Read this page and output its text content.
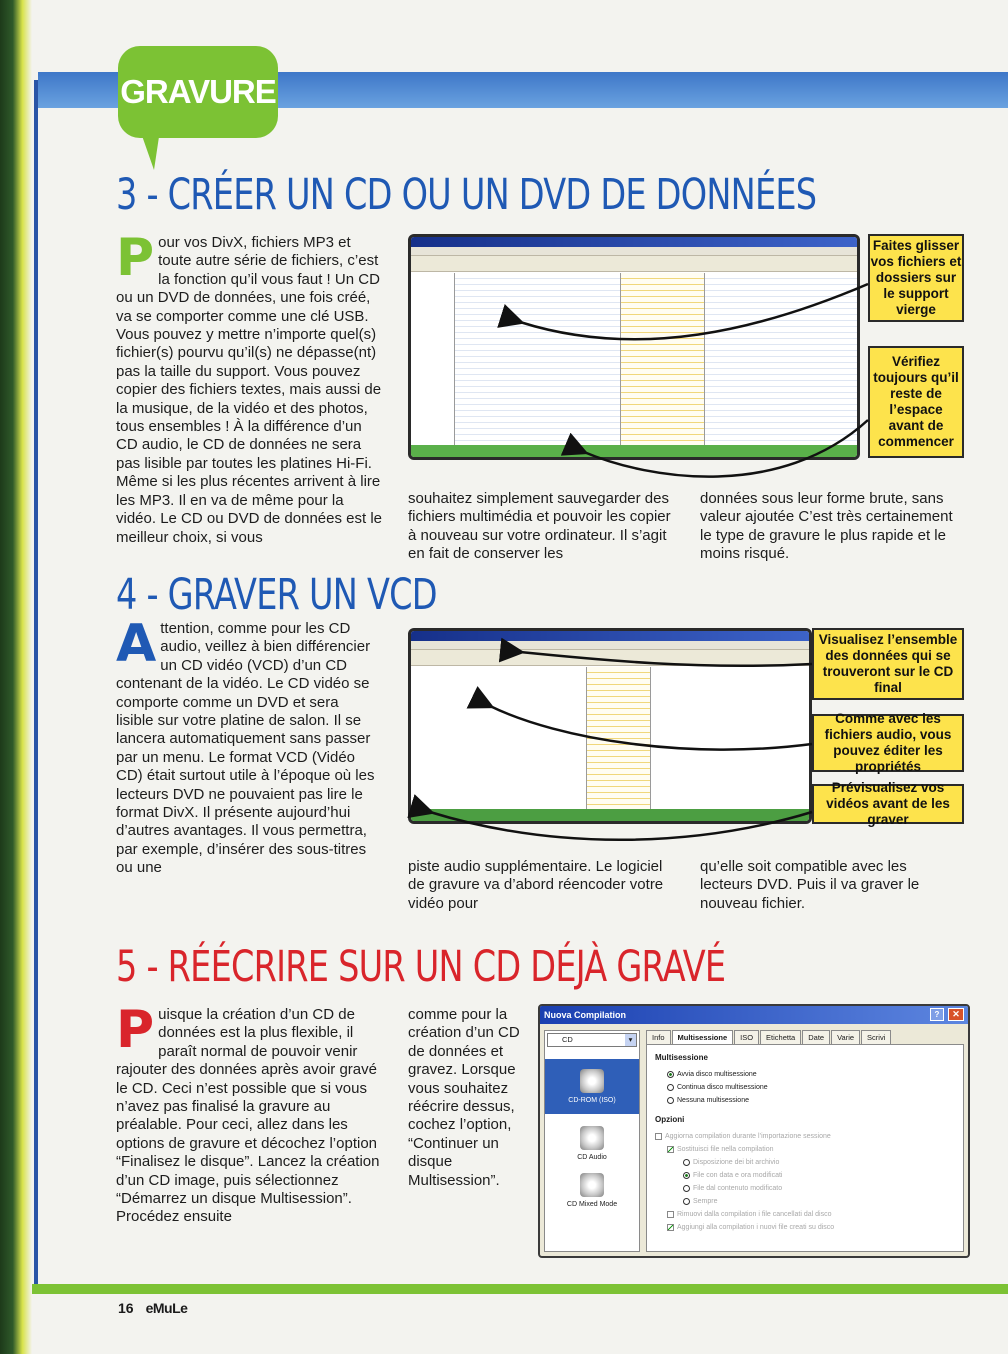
GRAVURE
3 - CRÉER UN CD OU UN DVD DE DONNÉES
Pour vos DivX, fichiers MP3 et toute autre série de fichiers, c’est la fonction qu’il vous faut ! Un CD ou un DVD de données, une fois créé, va se comporter comme une clé USB. Vous pouvez y mettre n’importe quel(s) fichier(s) pourvu qu’il(s) ne dépasse(nt) pas la taille du support. Vous pouvez copier des fichiers textes, mais aussi de la musique, de la vidéo et des photos, tous ensembles ! À la différence d’un CD audio, le CD de données ne sera pas lisible par toutes les platines Hi-Fi. Même si les plus récentes arrivent à lire les MP3. Il en va de même pour la vidéo. Le CD ou DVD de données est le meilleur choix, si vous
Faites glisser vos fichiers et dossiers sur le support vierge
Vérifiez toujours qu’il reste de l’espace avant de commencer
souhaitez simplement sauvegarder des fichiers multimédia et pouvoir les copier à nouveau sur votre ordinateur. Il s’agit en fait de conserver les
données sous leur forme brute, sans valeur ajoutée C’est très certainement le type de gravure le plus rapide et le moins risqué.
4 - GRAVER UN VCD
Attention, comme pour les CD audio, veillez à bien différencier un CD vidéo (VCD) d’un CD contenant de la vidéo. Le CD vidéo se comporte comme un DVD et sera lisible sur votre platine de salon. Il se lancera automatiquement sans passer par un menu. Le format VCD (Vidéo CD) était surtout utile à l’époque où les lecteurs DVD ne pouvaient pas lire le format DivX. Il présente aujourd’hui d’autres avantages. Il vous permettra, par exemple, d’insérer des sous-titres ou une
Visualisez l’ensemble des données qui se trouveront sur le CD final
Comme avec les fichiers audio, vous pouvez éditer les propriétés
Prévisualisez vos vidéos avant de les graver
piste audio supplémentaire. Le logiciel de gravure va d’abord réencoder votre vidéo pour
qu’elle soit compatible avec les lecteurs DVD. Puis il va graver le nouveau fichier.
5 - RÉÉCRIRE SUR UN CD DÉJÀ GRAVÉ
Puisque la création d’un CD de données est la plus flexible, il paraît normal de pouvoir venir rajouter des données après avoir gravé le CD. Ceci n’est possible que si vous n’avez pas finalisé la gravure au préalable. Pour ceci, allez dans les options de gravure et décochez l’option “Finalisez le disque”. Lancez la création d’un CD image, puis sélectionnez “Démarrez un disque Multisession”. Procédez ensuite
comme pour la création d’un CD de données et gravez. Lorsque vous souhaitez réécrire dessus, cochez l’option, “Continuer un disque Multisession”.
Nuova Compilation	?	✕
CD	▾
CD-ROM (ISO)
CD Audio
CD Mixed Mode
Info	Multisessione	ISO	Etichetta	Date	Varie	Scrivi
Multisessione
Avvia disco multisessione
Continua disco multisessione
Nessuna multisessione
Opzioni
Aggiorna compilation durante l’importazione sessione
Sostituisci file nella compilation
Disposizione dei bit archivio
File con data e ora modificati
File dal contenuto modificato
Sempre
Rimuovi dalla compilation i file cancellati dal disco
Aggiungi alla compilation i nuovi file creati su disco
16 eMuLe
